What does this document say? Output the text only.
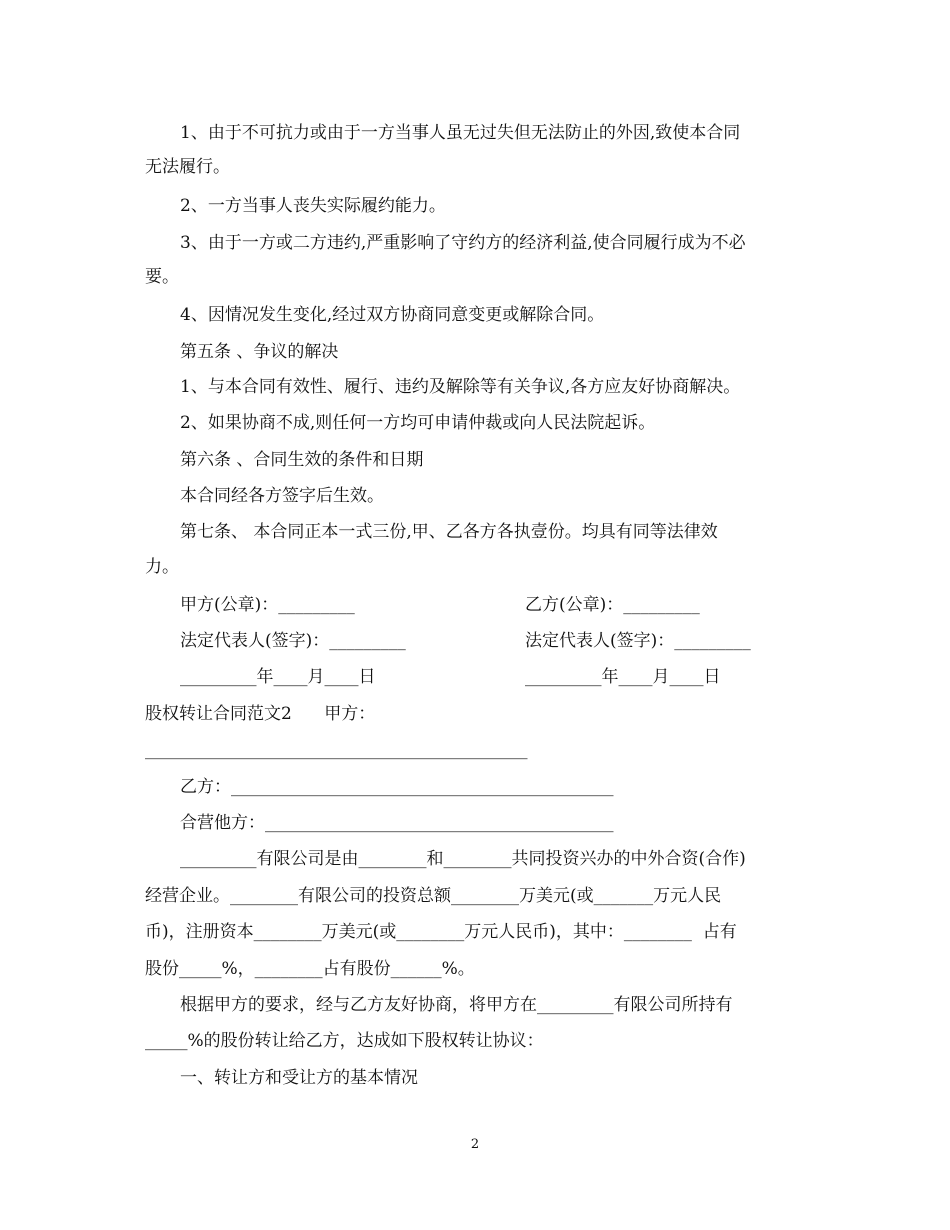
1、由于不可抗力或由于一方当事人虽无过失但无法防止的外因,致使本合同

无法履行。

2、一方当事人丧失实际履约能力。

3、由于一方或二方违约,严重影响了守约方的经济利益,使合同履行成为不必

要。

4、因情况发生变化,经过双方协商同意变更或解除合同。

第五条 、争议的解决

1、与本合同有效性、履行、违约及解除等有关争议,各方应友好协商解决。

2、如果协商不成,则任何一方均可申请仲裁或向人民法院起诉。

第六条 、合同生效的条件和日期

本合同经各方签字后生效。

第七条、 本合同正本一式三份,甲、乙各方各执壹份。均具有同等法律效

力。

甲方(公章)：_________	乙方(公章)：_________

法定代表人(签字)：_________	法定代表人(签字)：_________

_________年____月____日	_________年____月____日

股权转让合同范文2      甲方：

_____________________________________________

乙方：_____________________________________________

合营他方：_________________________________________

_________有限公司是由________和________共同投资兴办的中外合资(合作)

经营企业。________有限公司的投资总额________万美元(或_______万元人民

币)，注册资本________万美元(或________万元人民币)，其中：________  占有

股份_____%，________占有股份______%。

根据甲方的要求，经与乙方友好协商，将甲方在_________有限公司所持有

_____%的股份转让给乙方，达成如下股权转让协议：

一、转让方和受让方的基本情况

2
